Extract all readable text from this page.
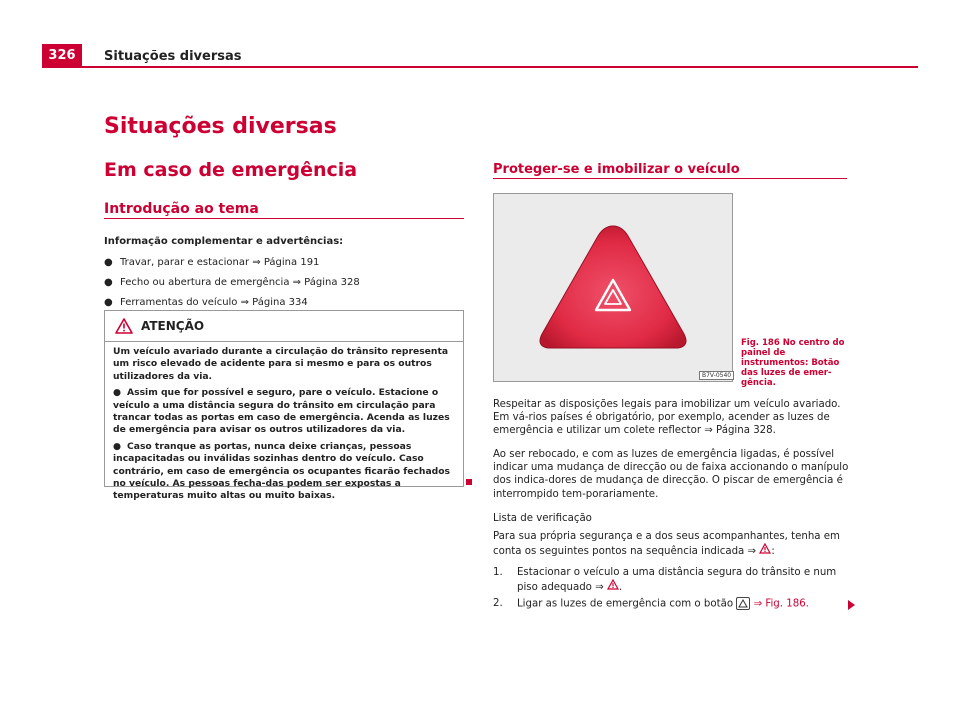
326	Situações diversas
Situações diversas
Em caso de emergência
Introdução ao tema
Informação complementar e advertências:
● Travar, parar e estacionar ⇒ Página 191
● Fecho ou abertura de emergência ⇒ Página 328
● Ferramentas do veículo ⇒ Página 334
ATENÇÃO

Um veículo avariado durante a circulação do trânsito representa um risco elevado de acidente para si mesmo e para os outros utilizadores da via.

● Assim que for possível e seguro, pare o veículo. Estacione o veículo a uma distância segura do trânsito em circulação para trancar todas as portas em caso de emergência. Acenda as luzes de emergência para avisar os outros utilizadores da via.

● Caso tranque as portas, nunca deixe crianças, pessoas incapacitadas ou inválidas sozinhas dentro do veículo. Caso contrário, em caso de emergência os ocupantes ficarão fechados no veículo. As pessoas fecha-das podem ser expostas a temperaturas muito altas ou muito baixas.

Proteger-se e imobilizar o veículo
B7V-0540
Fig. 186 No centro do painel de instrumentos: Botão das luzes de emer-gência.
Respeitar as disposições legais para imobilizar um veículo avariado. Em vá-rios países é obrigatório, por exemplo, acender as luzes de emergência e utilizar um colete reflector ⇒ Página 328.
Ao ser rebocado, e com as luzes de emergência ligadas, é possível indicar uma mudança de direcção ou de faixa accionando o manípulo dos indica-dores de mudança de direcção. O piscar de emergência é interrompido tem-porariamente.
Lista de verificação
Para sua própria segurança e a dos seus acompanhantes, tenha em conta os seguintes pontos na sequência indicada ⇒ :
1. Estacionar o veículo a uma distância segura do trânsito e num piso adequado ⇒ .
2. Ligar as luzes de emergência com o botão ⇒ Fig. 186.
